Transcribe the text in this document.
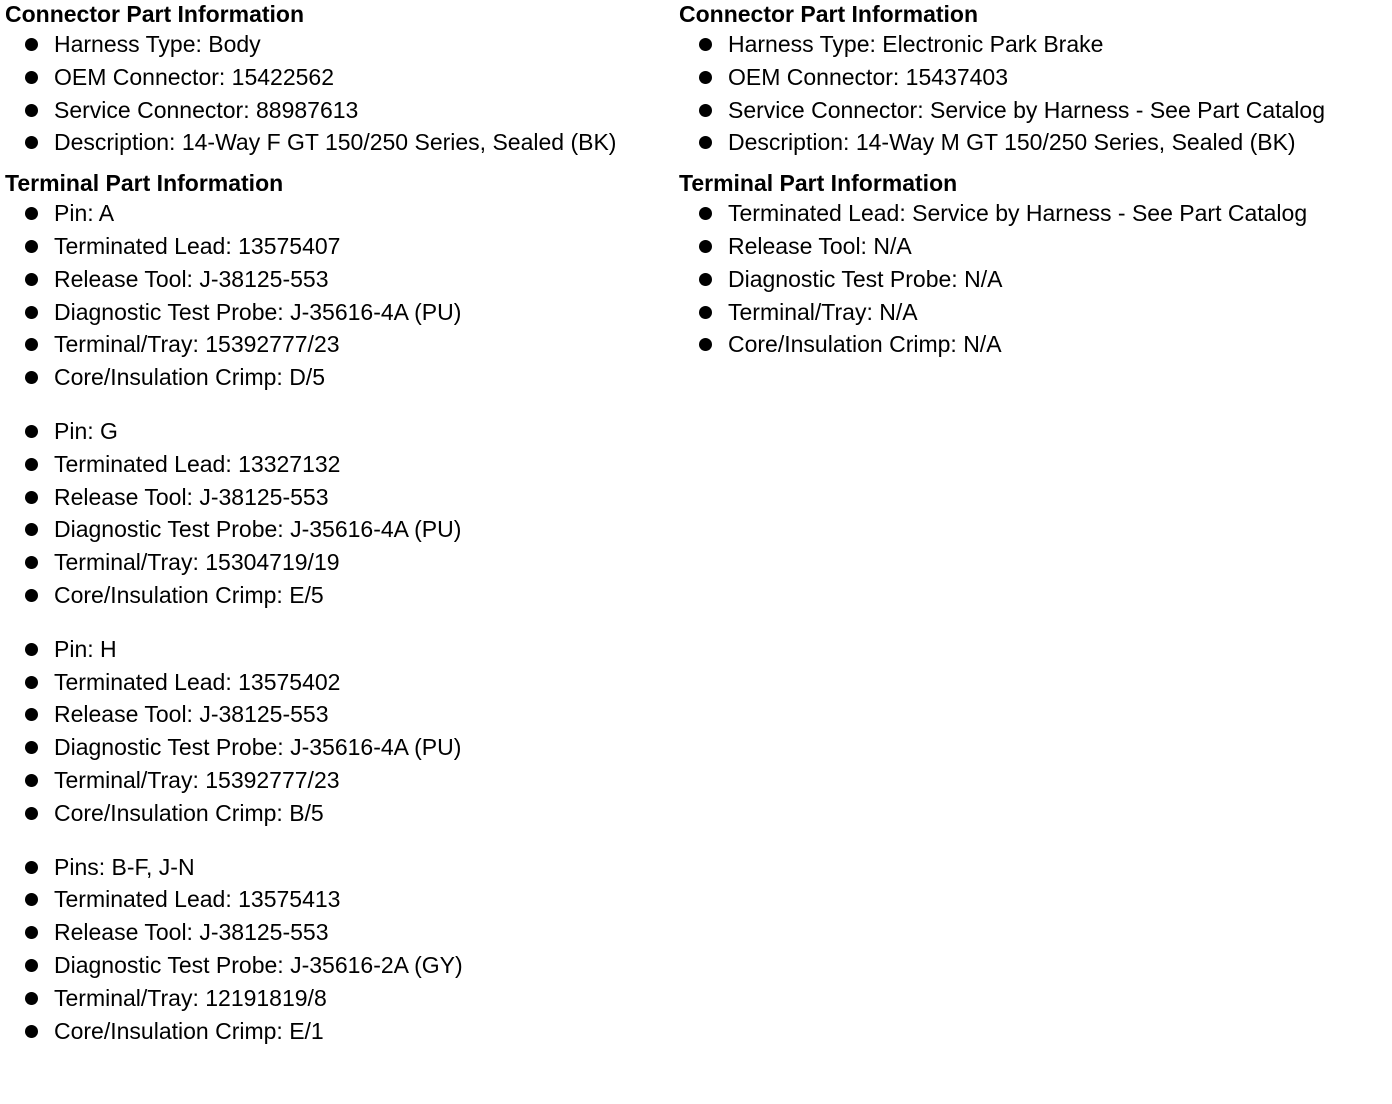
Connector Part Information
Harness Type: Body
OEM Connector: 15422562
Service Connector: 88987613
Description: 14-Way F GT 150/250 Series, Sealed (BK)
Terminal Part Information
Pin: A
Terminated Lead: 13575407
Release Tool: J-38125-553
Diagnostic Test Probe: J-35616-4A (PU)
Terminal/Tray: 15392777/23
Core/Insulation Crimp: D/5
Pin: G
Terminated Lead: 13327132
Release Tool: J-38125-553
Diagnostic Test Probe: J-35616-4A (PU)
Terminal/Tray: 15304719/19
Core/Insulation Crimp: E/5
Pin: H
Terminated Lead: 13575402
Release Tool: J-38125-553
Diagnostic Test Probe: J-35616-4A (PU)
Terminal/Tray: 15392777/23
Core/Insulation Crimp: B/5
Pins: B-F, J-N
Terminated Lead: 13575413
Release Tool: J-38125-553
Diagnostic Test Probe: J-35616-2A (GY)
Terminal/Tray: 12191819/8
Core/Insulation Crimp: E/1
Connector Part Information
Harness Type: Electronic Park Brake
OEM Connector: 15437403
Service Connector: Service by Harness - See Part Catalog
Description: 14-Way M GT 150/250 Series, Sealed (BK)
Terminal Part Information
Terminated Lead: Service by Harness - See Part Catalog
Release Tool: N/A
Diagnostic Test Probe: N/A
Terminal/Tray: N/A
Core/Insulation Crimp: N/A
